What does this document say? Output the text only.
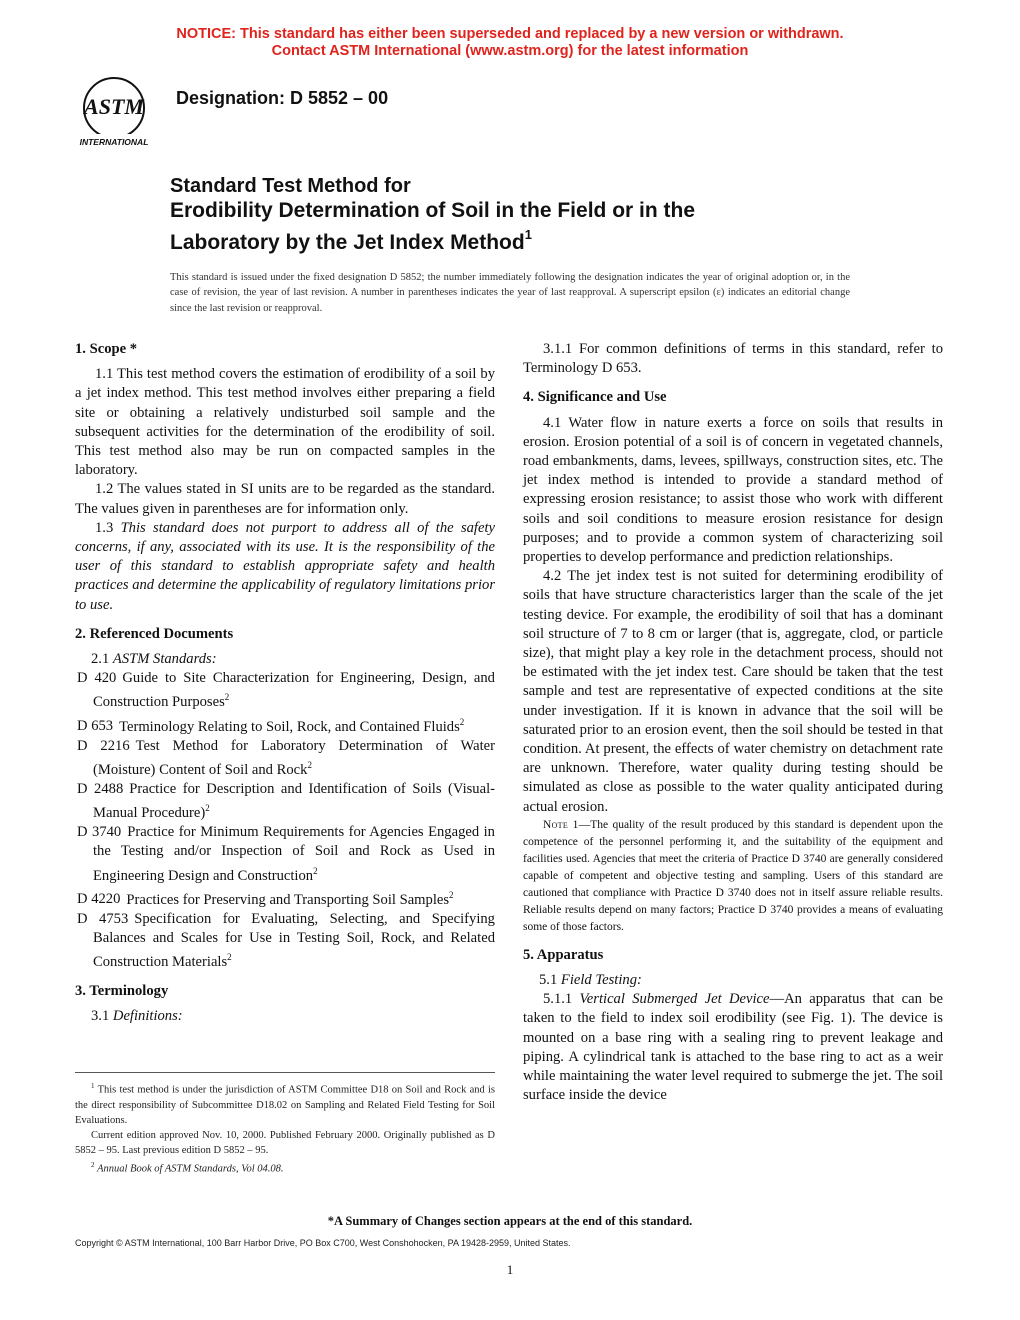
NOTICE: This standard has either been superseded and replaced by a new version or withdrawn.
Contact ASTM International (www.astm.org) for the latest information
ASTM
INTERNATIONAL
Designation: D 5852 – 00
Standard Test Method for
Erodibility Determination of Soil in the Field or in the
Laboratory by the Jet Index Method$^1$
This standard is issued under the fixed designation D 5852; the number immediately following the designation indicates the year of original adoption or, in the case of revision, the year of last revision. A number in parentheses indicates the year of last reapproval. A superscript epsilon (ε) indicates an editorial change since the last revision or reapproval.
1. Scope *

1.1 This test method covers the estimation of erodibility of a soil by a jet index method. This test method involves either preparing a field site or obtaining a relatively undisturbed soil sample and the subsequent activities for the determination of the erodibility of soil. This test method also may be run on compacted samples in the laboratory.

1.2 The values stated in SI units are to be regarded as the standard. The values given in parentheses are for information only.

1.3 This standard does not purport to address all of the safety concerns, if any, associated with its use. It is the responsibility of the user of this standard to establish appropriate safety and health practices and determine the applicability of regulatory limitations prior to use.

2. Referenced Documents

2.1 ASTM Standards:

D 420 Guide to Site Characterization for Engineering, Design, and Construction Purposes$^2$

D 653 Terminology Relating to Soil, Rock, and Contained Fluids$^2$

D 2216 Test Method for Laboratory Determination of Water (Moisture) Content of Soil and Rock$^2$

D 2488 Practice for Description and Identification of Soils (Visual-Manual Procedure)$^2$

D 3740 Practice for Minimum Requirements for Agencies Engaged in the Testing and/or Inspection of Soil and Rock as Used in Engineering Design and Construction$^2$

D 4220 Practices for Preserving and Transporting Soil Samples$^2$

D 4753 Specification for Evaluating, Selecting, and Specifying Balances and Scales for Use in Testing Soil, Rock, and Related Construction Materials$^2$

3. Terminology

3.1 Definitions:

$^1$ This test method is under the jurisdiction of ASTM Committee D18 on Soil and Rock and is the direct responsibility of Subcommittee D18.02 on Sampling and Related Field Testing for Soil Evaluations.

Current edition approved Nov. 10, 2000. Published February 2000. Originally published as D 5852 – 95. Last previous edition D 5852 – 95.

$^2$ Annual Book of ASTM Standards, Vol 04.08.

3.1.1 For common definitions of terms in this standard, refer to Terminology D 653.

4. Significance and Use

4.1 Water flow in nature exerts a force on soils that results in erosion. Erosion potential of a soil is of concern in vegetated channels, road embankments, dams, levees, spillways, construction sites, etc. The jet index method is intended to provide a standard method of expressing erosion resistance; to assist those who work with different soils and soil conditions to measure erosion resistance for design purposes; and to provide a common system of characterizing soil properties to develop performance and prediction relationships.

4.2 The jet index test is not suited for determining erodibility of soils that have structure characteristics larger than the scale of the jet testing device. For example, the erodibility of soil that has a dominant soil structure of 7 to 8 cm or larger (that is, aggregate, clod, or particle size), that might play a key role in the detachment process, should not be estimated with the jet index test. Care should be taken that the test sample and test are representative of expected conditions at the site under investigation. If it is known in advance that the soil will be saturated prior to an erosion event, then the soil should be tested in that condition. At present, the effects of water chemistry on detachment rate are unknown. Therefore, water quality during testing should be simulated as close as possible to the water quality anticipated during actual erosion.

Note 1—The quality of the result produced by this standard is dependent upon the competence of the personnel performing it, and the suitability of the equipment and facilities used. Agencies that meet the criteria of Practice D 3740 are generally considered capable of competent and objective testing and sampling. Users of this standard are cautioned that compliance with Practice D 3740 does not in itself assure reliable results. Reliable results depend on many factors; Practice D 3740 provides a means of evaluating some of those factors.

5. Apparatus

5.1 Field Testing:

5.1.1 Vertical Submerged Jet Device—An apparatus that can be taken to the field to index soil erodibility (see Fig. 1). The device is mounted on a base ring with a sealing ring to prevent leakage and piping. A cylindrical tank is attached to the base ring to act as a weir while maintaining the water level required to submerge the jet. The soil surface inside the device

*A Summary of Changes section appears at the end of this standard.
Copyright © ASTM International, 100 Barr Harbor Drive, PO Box C700, West Conshohocken, PA 19428-2959, United States.
1
